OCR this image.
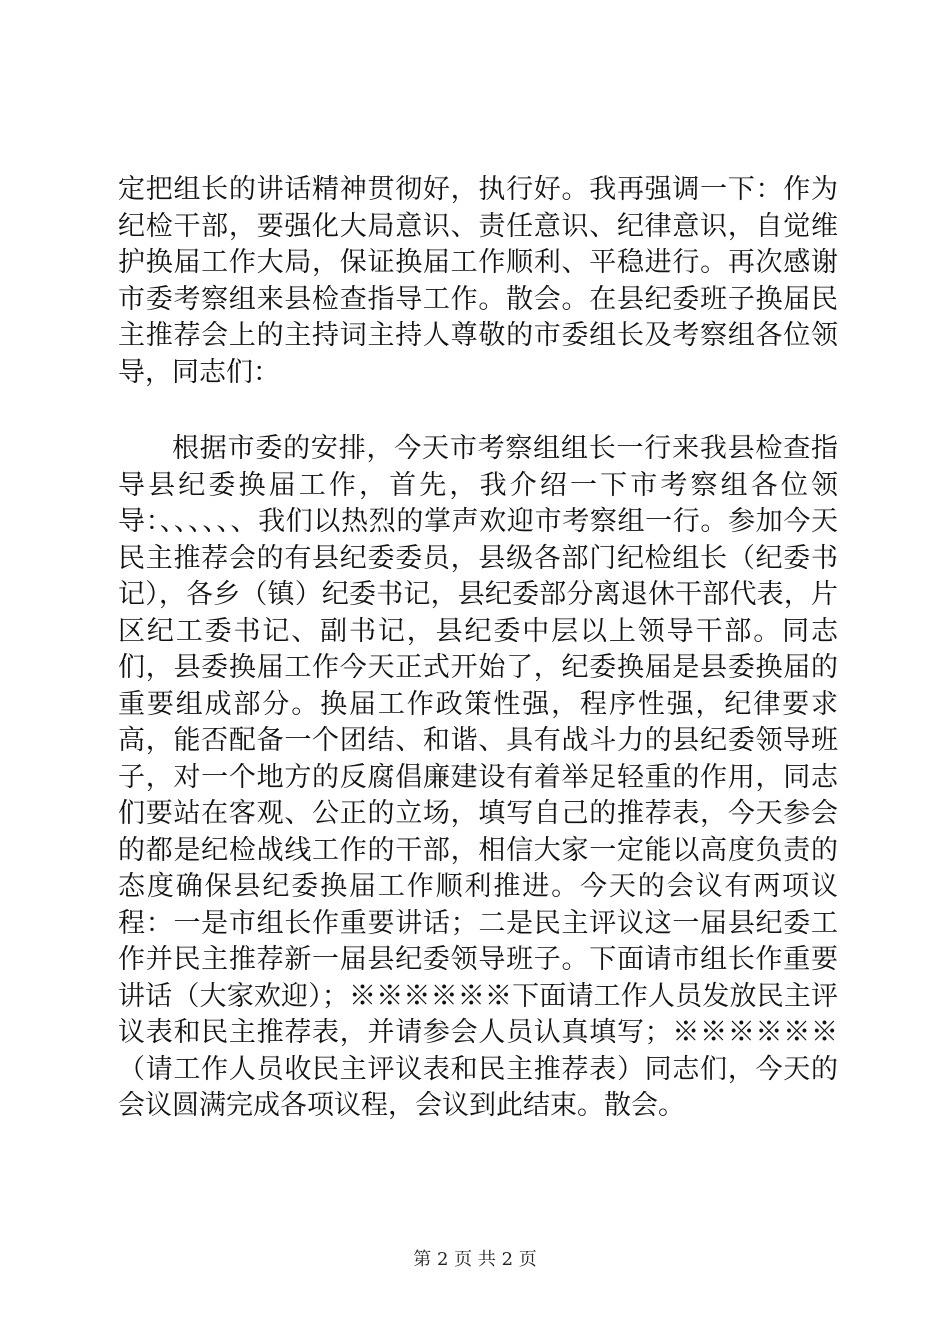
定把组长的讲话精神贯彻好，执行好。我再强调一下：作为纪检干部，要强化大局意识、责任意识、纪律意识，自觉维护换届工作大局，保证换届工作顺利、平稳进行。再次感谢市委考察组来县检查指导工作。散会。在县纪委班子换届民主推荐会上的主持词主持人尊敬的市委组长及考察组各位领导，同志们：

根据市委的安排，今天市考察组组长一行来我县检查指导县纪委换届工作，首先，我介绍一下市考察组各位领导：、、、、、、我们以热烈的掌声欢迎市考察组一行。参加今天民主推荐会的有县纪委委员，县级各部门纪检组长（纪委书记），各乡（镇）纪委书记，县纪委部分离退休干部代表，片区纪工委书记、副书记，县纪委中层以上领导干部。同志们，县委换届工作今天正式开始了，纪委换届是县委换届的重要组成部分。换届工作政策性强，程序性强，纪律要求高，能否配备一个团结、和谐、具有战斗力的县纪委领导班子，对一个地方的反腐倡廉建设有着举足轻重的作用，同志们要站在客观、公正的立场，填写自己的推荐表，今天参会的都是纪检战线工作的干部，相信大家一定能以高度负责的态度确保县纪委换届工作顺利推进。今天的会议有两项议程：一是市组长作重要讲话；二是民主评议这一届县纪委工作并民主推荐新一届县纪委领导班子。下面请市组长作重要讲话（大家欢迎）；※※※※※※下面请工作人员发放民主评议表和民主推荐表，并请参会人员认真填写；※※※※※※（请工作人员收民主评议表和民主推荐表）同志们，今天的会议圆满完成各项议程，会议到此结束。散会。

第 2 页 共 2 页
